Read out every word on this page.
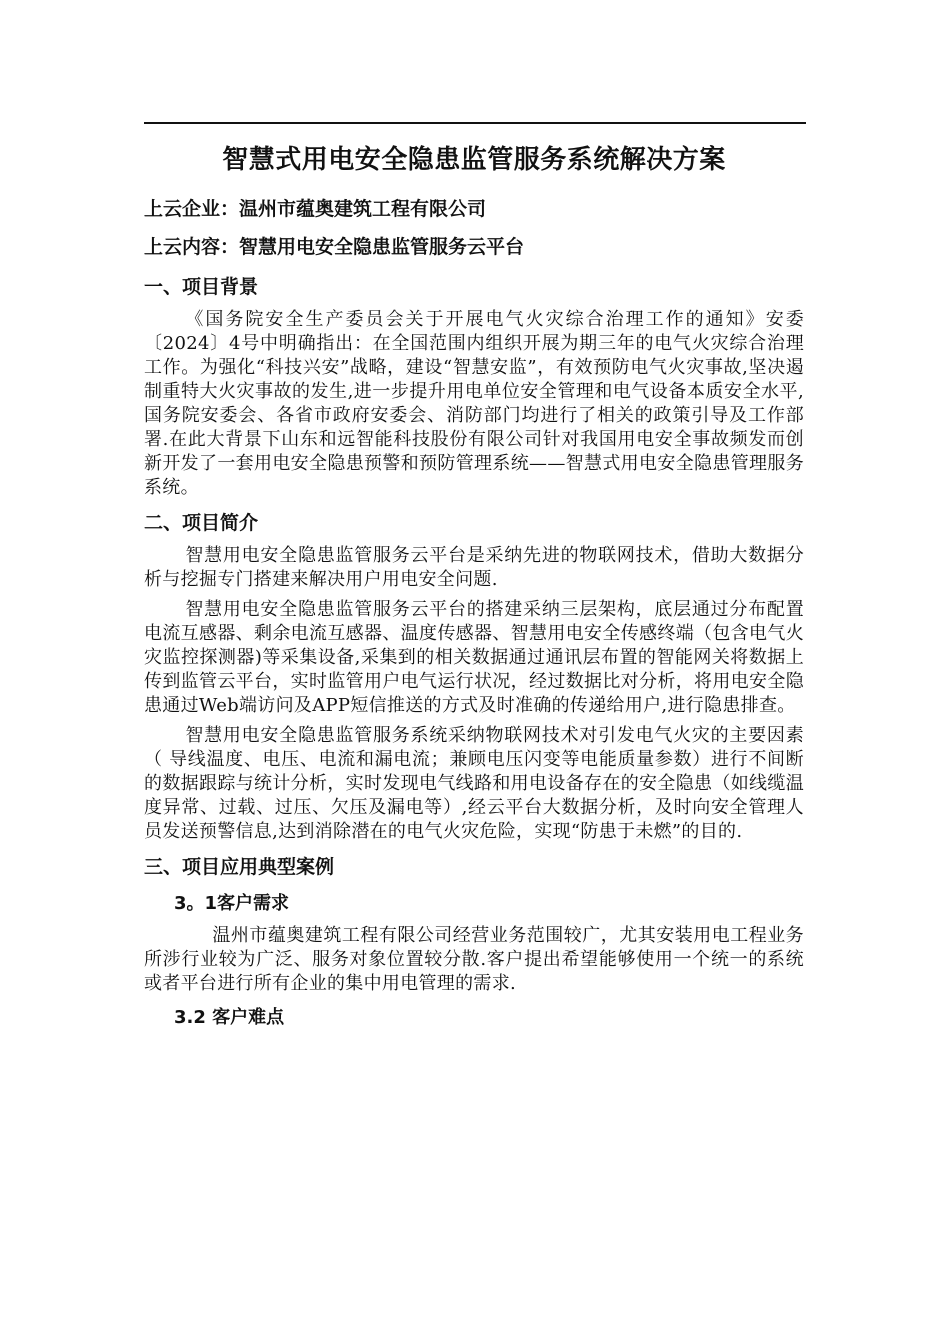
智慧式用电安全隐患监管服务系统解决方案

上云企业：温州市蕴奥建筑工程有限公司

上云内容：智慧用电安全隐患监管服务云平台

一、项目背景

《国务院安全生产委员会关于开展电气火灾综合治理工作的通知》安委〔2024〕4号中明确指出：在全国范围内组织开展为期三年的电气火灾综合治理工作。为强化“科技兴安”战略，建设“智慧安监”，有效预防电气火灾事故,坚决遏制重特大火灾事故的发生,进一步提升用电单位安全管理和电气设备本质安全水平,国务院安委会、各省市政府安委会、消防部门均进行了相关的政策引导及工作部署.在此大背景下山东和远智能科技股份有限公司针对我国用电安全事故频发而创新开发了一套用电安全隐患预警和预防管理系统——智慧式用电安全隐患管理服务系统。

二、项目简介

智慧用电安全隐患监管服务云平台是采纳先进的物联网技术，借助大数据分析与挖掘专门搭建来解决用户用电安全问题.

智慧用电安全隐患监管服务云平台的搭建采纳三层架构，底层通过分布配置电流互感器、剩余电流互感器、温度传感器、智慧用电安全传感终端（包含电气火灾监控探测器)等采集设备,采集到的相关数据通过通讯层布置的智能网关将数据上传到监管云平台，实时监管用户电气运行状况，经过数据比对分析，将用电安全隐患通过Web端访问及APP短信推送的方式及时准确的传递给用户,进行隐患排查。

智慧用电安全隐患监管服务系统采纳物联网技术对引发电气火灾的主要因素（ 导线温度、电压、电流和漏电流；兼顾电压闪变等电能质量参数）进行不间断的数据跟踪与统计分析，实时发现电气线路和用电设备存在的安全隐患（如线缆温度异常、过载、过压、欠压及漏电等）,经云平台大数据分析，及时向安全管理人员发送预警信息,达到消除潜在的电气火灾危险，实现“防患于未燃”的目的.

三、项目应用典型案例
3。1客户需求

温州市蕴奥建筑工程有限公司经营业务范围较广，尤其安装用电工程业务所涉行业较为广泛、服务对象位置较分散.客户提出希望能够使用一个统一的系统或者平台进行所有企业的集中用电管理的需求.

3.2 客户难点
